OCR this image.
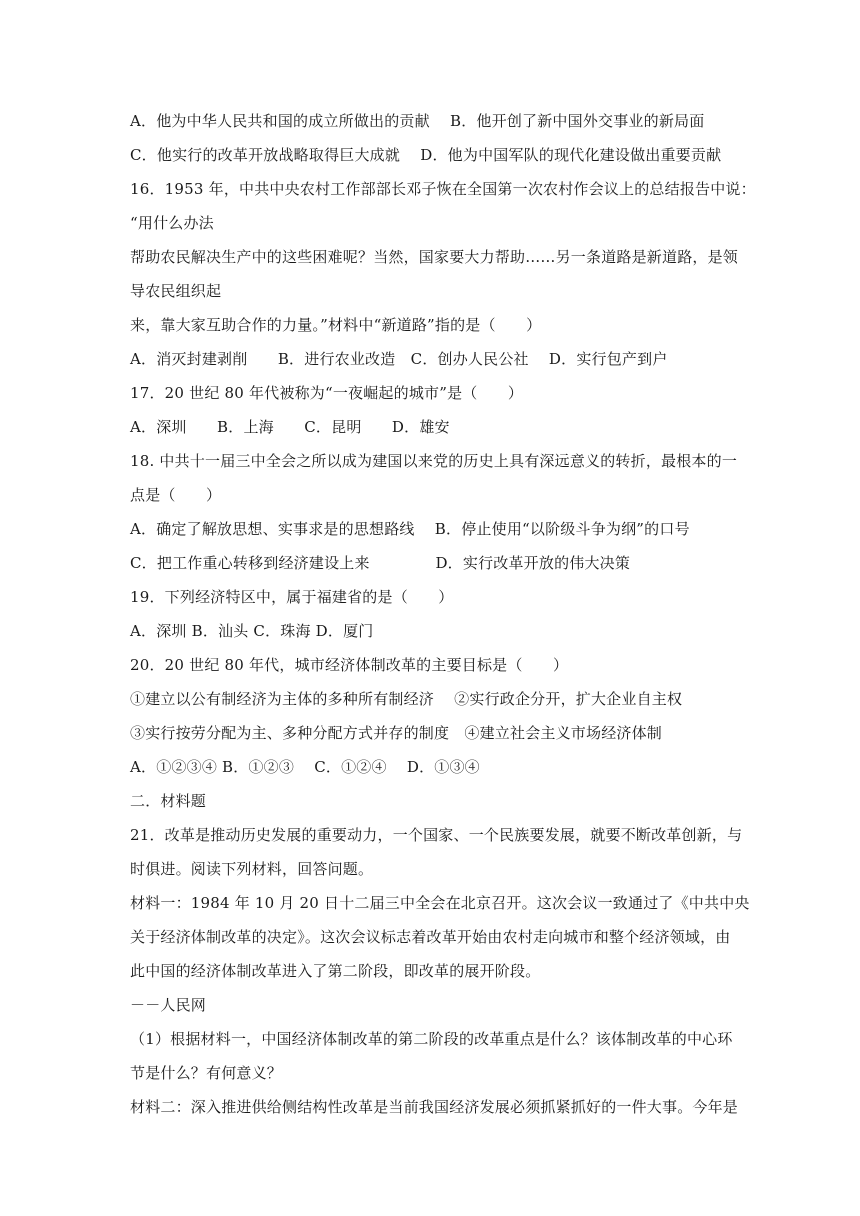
A．他为中华人民共和国的成立所做出的贡献　 B．他开创了新中国外交事业的新局面
C．他实行的改革开放战略取得巨大成就　 D．他为中国军队的现代化建设做出重要贡献
16．1953 年，中共中央农村工作部部长邓子恢在全国第一次农村作会议上的总结报告中说：
“用什么办法
帮助农民解决生产中的这些困难呢？当然，国家要大力帮助……另一条道路是新道路，是领
导农民组织起
来，靠大家互助合作的力量。”材料中“新道路”指的是（　　）
A．消灭封建剥削　　B．进行农业改造　C．创办人民公社　 D．实行包产到户
17．20 世纪 80 年代被称为“一夜崛起的城市”是（　　）
A．深圳　　B．上海　　C．昆明　　D．雄安
18. 中共十一届三中全会之所以成为建国以来党的历史上具有深远意义的转折，最根本的一
点是（　　）
A．确定了解放思想、实事求是的思想路线　 B．停止使用“以阶级斗争为纲”的口号
C．把工作重心转移到经济建设上来　　　　 D．实行改革开放的伟大决策
19．下列经济特区中，属于福建省的是（　　）
A．深圳 B．汕头 C．珠海 D．厦门
20．20 世纪 80 年代，城市经济体制改革的主要目标是（　　）
①建立以公有制经济为主体的多种所有制经济　 ②实行政企分开，扩大企业自主权
③实行按劳分配为主、多种分配方式并存的制度　④建立社会主义市场经济体制
A．①②③④ B．①②③　 C．①②④　 D．①③④
二．材料题
21．改革是推动历史发展的重要动力，一个国家、一个民族要发展，就要不断改革创新，与
时俱进。阅读下列材料，回答问题。
材料一：1984 年 10 月 20 日十二届三中全会在北京召开。这次会议一致通过了《中共中央
关于经济体制改革的决定》。这次会议标志着改革开始由农村走向城市和整个经济领域，由
此中国的经济体制改革进入了第二阶段，即改革的展开阶段。
－－人民网
（1）根据材料一，中国经济体制改革的第二阶段的改革重点是什么？该体制改革的中心环
节是什么？有何意义？
材料二：深入推进供给侧结构性改革是当前我国经济发展必须抓紧抓好的一件大事。今年是
